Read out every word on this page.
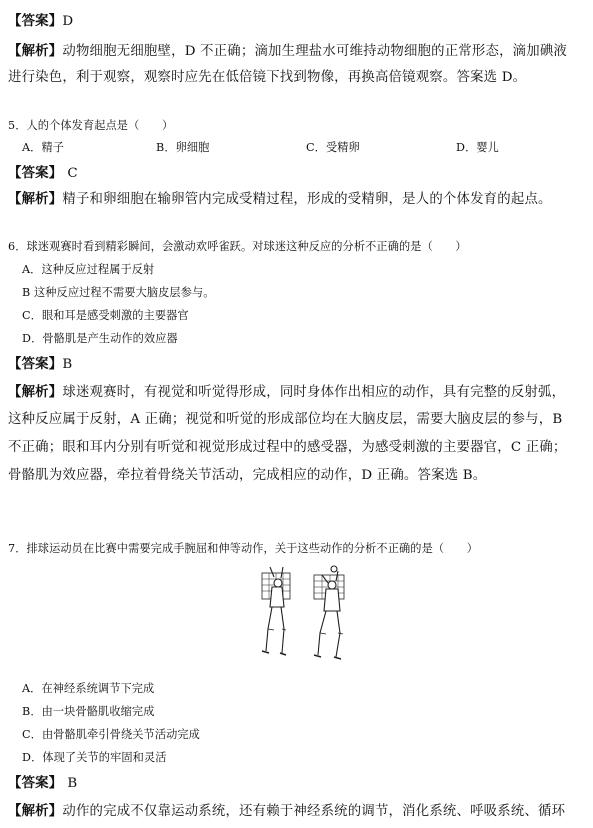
【答案】D
【解析】动物细胞无细胞壁，D 不正确；滴加生理盐水可维持动物细胞的正常形态，滴加碘液
进行染色，利于观察，观察时应先在低倍镜下找到物像，再换高倍镜观察。答案选 D。
5．人的个体发育起点是（　　）
A．精子	B．卵细胞	C．受精卵	D．婴儿
【答案】 C
【解析】精子和卵细胞在输卵管内完成受精过程，形成的受精卵，是人的个体发育的起点。
6．球迷观赛时看到精彩瞬间，会激动欢呼雀跃。对球迷这种反应的分析不正确的是（　　）
A．这种反应过程属于反射
B 这种反应过程不需要大脑皮层参与。
C．眼和耳是感受刺激的主要器官
D．骨骼肌是产生动作的效应器
【答案】B
【解析】球迷观赛时，有视觉和听觉得形成，同时身体作出相应的动作，具有完整的反射弧，
这种反应属于反射，A 正确；视觉和听觉的形成部位均在大脑皮层，需要大脑皮层的参与，B
不正确；眼和耳内分别有听觉和视觉形成过程中的感受器，为感受刺激的主要器官，C 正确；
骨骼肌为效应器，牵拉着骨绕关节活动，完成相应的动作，D 正确。答案选 B。
7．排球运动员在比赛中需要完成手腕屈和伸等动作，关于这些动作的分析不正确的是（　　）
A．在神经系统调节下完成
B．由一块骨骼肌收缩完成
C．由骨骼肌牵引骨绕关节活动完成
D．体现了关节的牢固和灵活
【答案】 B
【解析】动作的完成不仅靠运动系统，还有赖于神经系统的调节，消化系统、呼吸系统、循环
